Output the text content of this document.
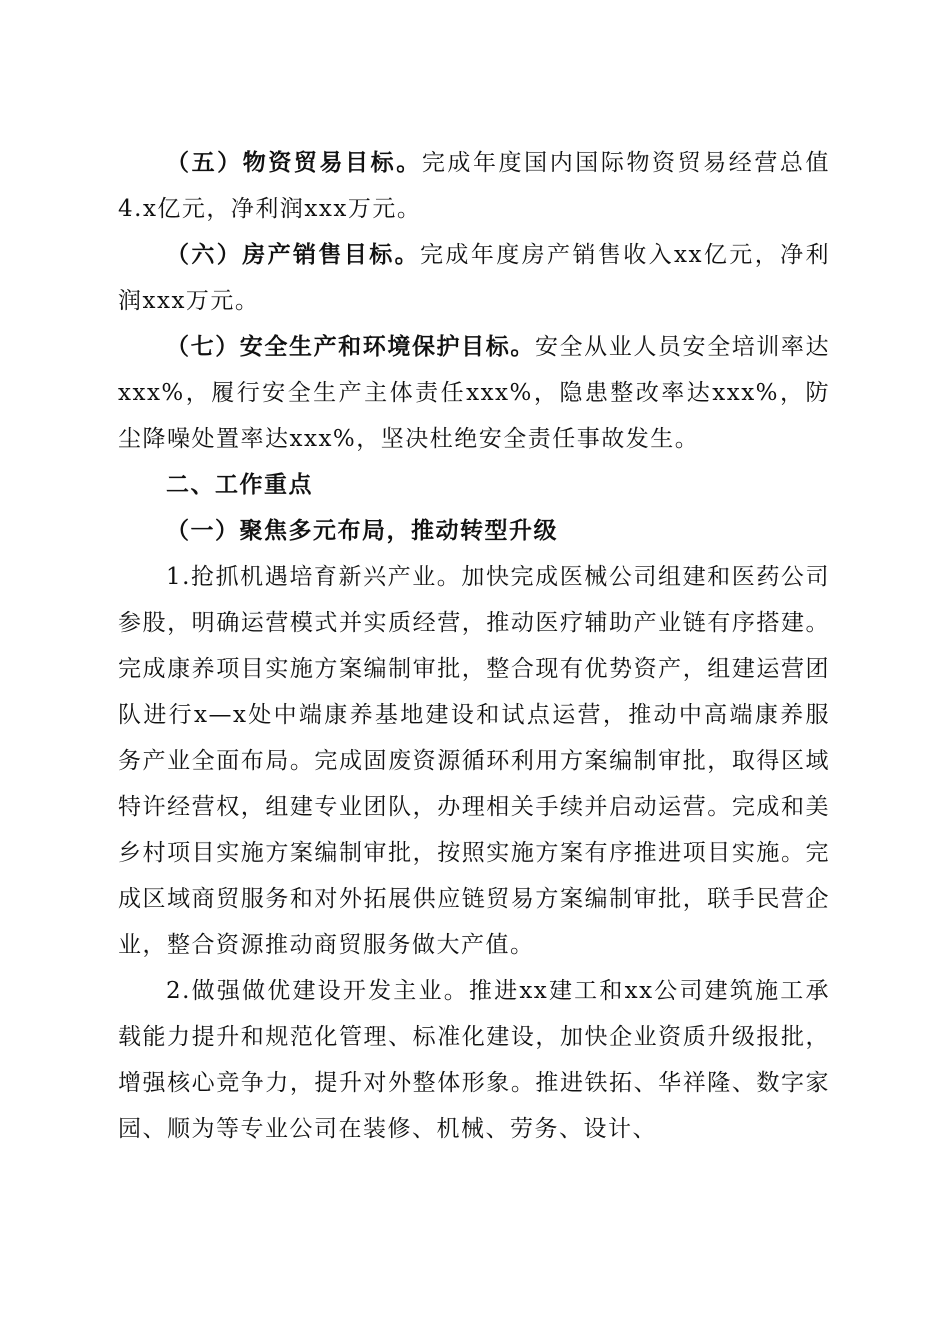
（五）物资贸易目标。完成年度国内国际物资贸易经营总值4.x亿元，净利润xxx万元。

（六）房产销售目标。完成年度房产销售收入xx亿元，净利润xxx万元。

（七）安全生产和环境保护目标。安全从业人员安全培训率达xxx%，履行安全生产主体责任xxx%，隐患整改率达xxx%，防尘降噪处置率达xxx%，坚决杜绝安全责任事故发生。

二、工作重点

（一）聚焦多元布局，推动转型升级

1.抢抓机遇培育新兴产业。加快完成医械公司组建和医药公司参股，明确运营模式并实质经营，推动医疗辅助产业链有序搭建。完成康养项目实施方案编制审批，整合现有优势资产，组建运营团队进行x—x处中端康养基地建设和试点运营，推动中高端康养服务产业全面布局。完成固废资源循环利用方案编制审批，取得区域特许经营权，组建专业团队，办理相关手续并启动运营。完成和美乡村项目实施方案编制审批，按照实施方案有序推进项目实施。完成区域商贸服务和对外拓展供应链贸易方案编制审批，联手民营企业，整合资源推动商贸服务做大产值。

2.做强做优建设开发主业。推进xx建工和xx公司建筑施工承载能力提升和规范化管理、标准化建设，加快企业资质升级报批，增强核心竞争力，提升对外整体形象。推进铁拓、华祥隆、数字家园、顺为等专业公司在装修、机械、劳务、设计、
